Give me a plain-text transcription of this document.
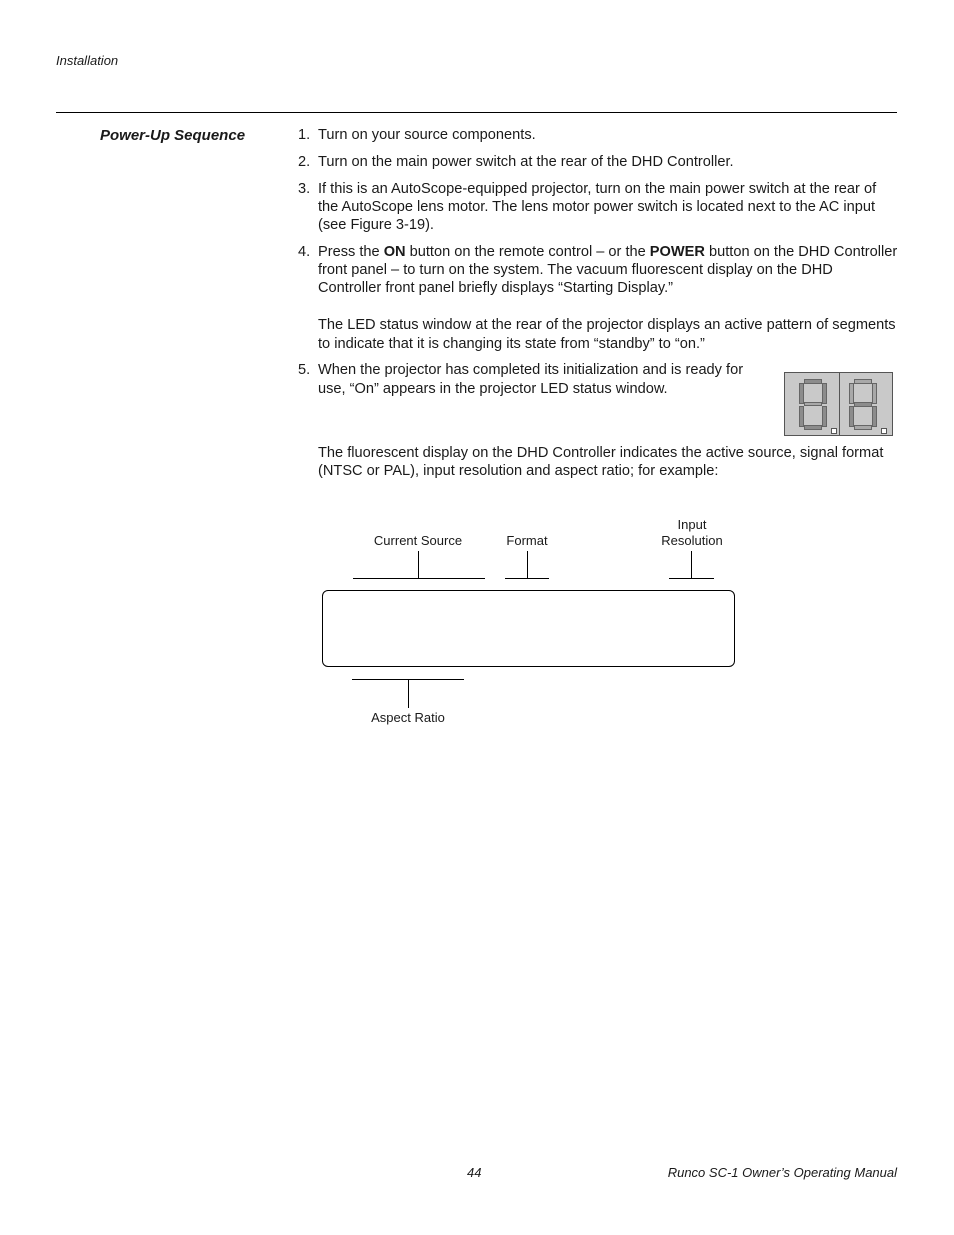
Installation
Power-Up Sequence	1. Turn on your source components.
2. Turn on the main power switch at the rear of the DHD Controller.
3. If this is an AutoScope-equipped projector, turn on the main power switch at the rear of the AutoScope lens motor. The lens motor power switch is located next to the AC input (see Figure 3-19).
4. Press the ON button on the remote control – or the POWER button on the DHD Controller front panel – to turn on the system. The vacuum fluorescent display on the DHD Controller front panel briefly displays “Starting Display.”

The LED status window at the rear of the projector displays an active pattern of segments to indicate that it is changing its state from “standby” to “on.”

5. When the projector has completed its initialization and is ready for use, “On” appears in the projector LED status window.

The fluorescent display on the DHD Controller indicates the active source, signal format (NTSC or PAL), input resolution and aspect ratio; for example:

Current Source	Format
Input
Resolution
Aspect Ratio
44	Runco SC-1 Owner’s Operating Manual
